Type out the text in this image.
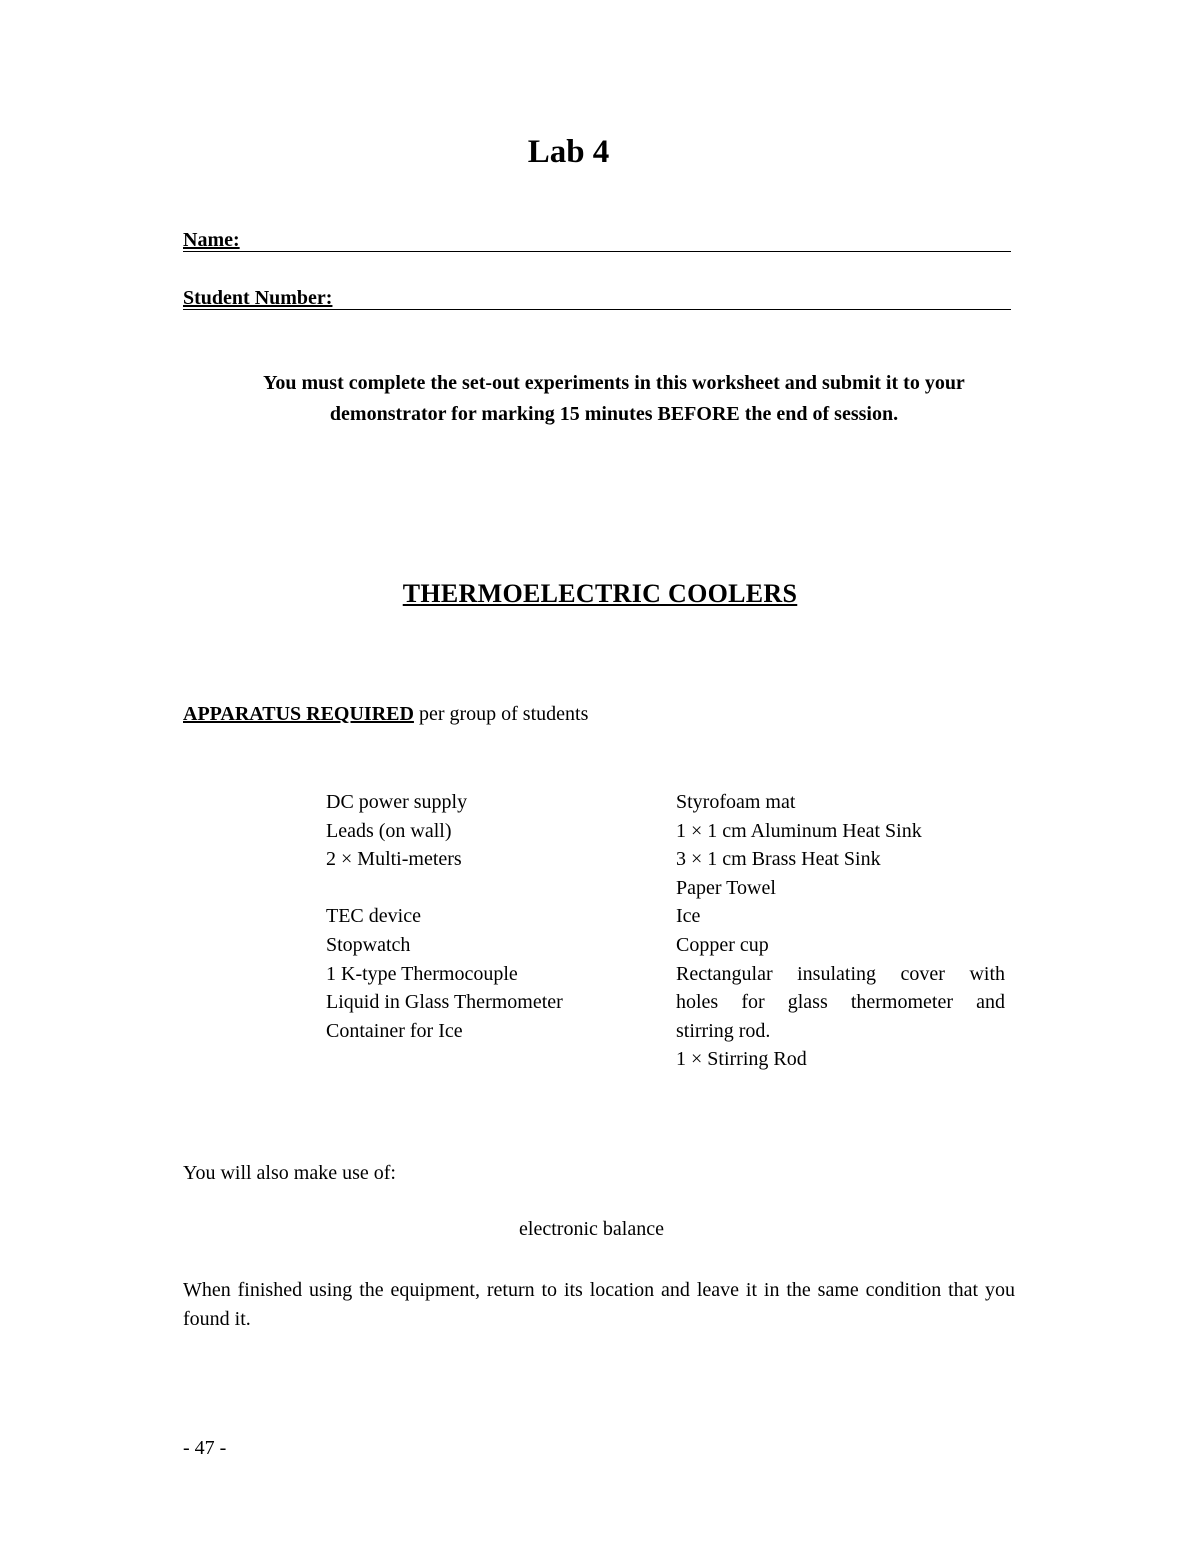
Lab 4
Name:
Student Number:
You must complete the set-out experiments in this worksheet and submit it to your
demonstrator for marking 15 minutes BEFORE the end of session.
THERMOELECTRIC COOLERS
APPARATUS REQUIRED per group of students
DC power supply
Leads (on wall)
2 × Multi-meters
TEC device
Stopwatch
1 K-type Thermocouple
Liquid in Glass Thermometer
Container for Ice
Styrofoam mat
1 × 1 cm Aluminum Heat Sink
3 × 1 cm Brass Heat Sink
Paper Towel
Ice
Copper cup
Rectangular insulating cover with
holes for glass thermometer and
stirring rod.
1 × Stirring Rod
You will also make use of:
electronic balance
When finished using the equipment, return to its location and leave it in the same condition that you found it.
- 47 -
